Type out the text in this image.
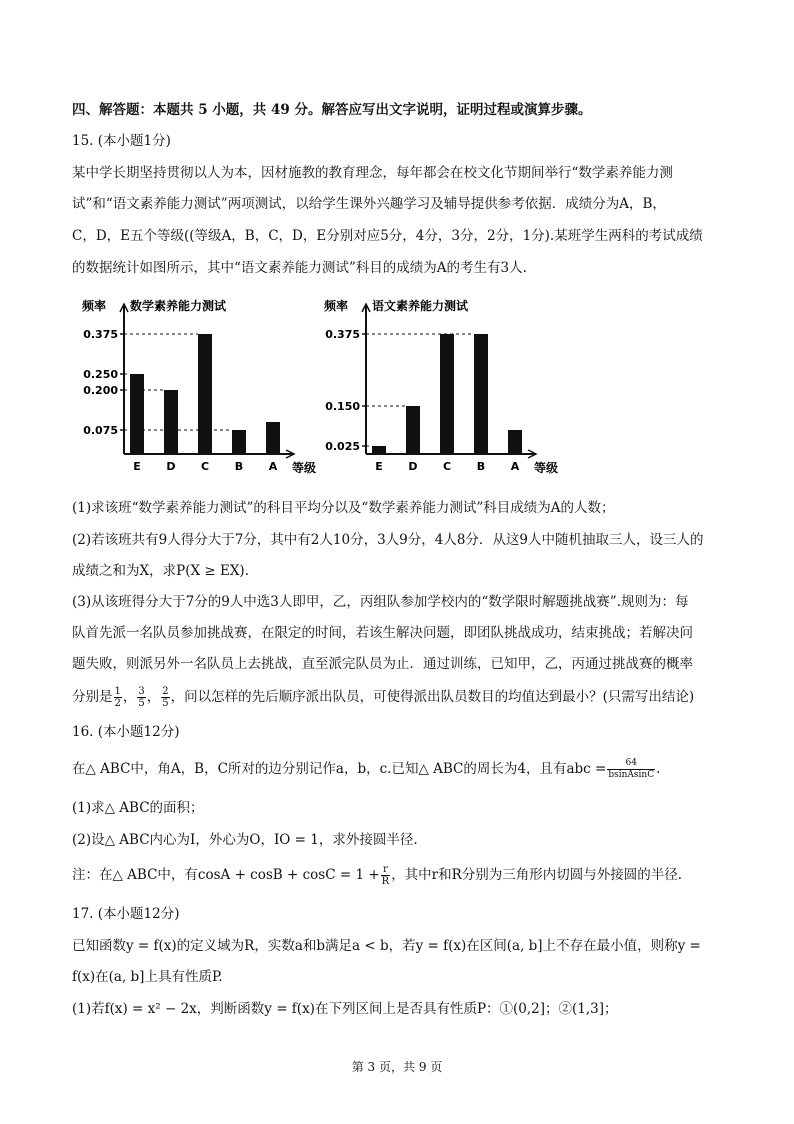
四、解答题：本题共 5 小题，共 49 分。解答应写出文字说明，证明过程或演算步骤。
15. (本小题1分)
某中学长期坚持贯彻以人为本，因材施教的教育理念，每年都会在校文化节期间举行“数学素养能力测
试”和“语文素养能力测试”两项测试，以给学生课外兴趣学习及辅导提供参考依据．成绩分为A，B，
C，D，E五个等级((等级A，B，C，D，E分别对应5分，4分，3分，2分，1分).某班学生两科的考试成绩
的数据统计如图所示，其中“语文素养能力测试”科目的成绩为A的考生有3人.
频率 数学素养能力测试
E D C B A
0.375
0.250
0.200
0.075
等级
频率 语文素养能力测试
E D C B A
0.375
0.150
0.025
等级
(1)求该班“数学素养能力测试”的科目平均分以及“数学素养能力测试”科目成绩为A的人数；
(2)若该班共有9人得分大于7分，其中有2人10分，3人9分，4人8分．从这9人中随机抽取三人，设三人的
成绩之和为X，求P(X ≥ EX).
(3)从该班得分大于7分的9人中选3人即甲，乙，丙组队参加学校内的“数学限时解题挑战赛”.规则为：每
队首先派一名队员参加挑战赛，在限定的时间，若该生解决问题，即团队挑战成功，结束挑战；若解决问
题失败，则派另外一名队员上去挑战，直至派完队员为止．通过训练，已知甲，乙，丙通过挑战赛的概率
分别是 $\frac{1}{2}$ ， $\frac{3}{5}$ ， $\frac{2}{5}$ ，问以怎样的先后顺序派出队员，可使得派出队员数目的均值达到最小？(只需写出结论)
16. (本小题12分)
在△ ABC中，角A，B，C所对的边分别记作a，b，c.已知△ ABC的周长为4，且有abc = $\frac{64}{\text{bsinAsinC}}$ .
(1)求△ ABC的面积；
(2)设△ ABC内心为I，外心为O，IO = 1，求外接圆半径.
注：在△ ABC中，有$\cos A + \cos B + \cos C = 1 + \frac{r}{R}$ ，其中r和R分别为三角形内切圆与外接圆的半径.
17. (本小题12分)
已知函数y = f(x)的定义域为R，实数a和b满足a < b，若y = f(x)在区间(a, b]上不存在最小值，则称y =
f(x)在(a, b]上具有性质P.
(1)若f(x) = x² − 2x，判断函数y = f(x)在下列区间上是否具有性质P：①(0,2]；②(1,3]；
第 3 页，共 9 页
